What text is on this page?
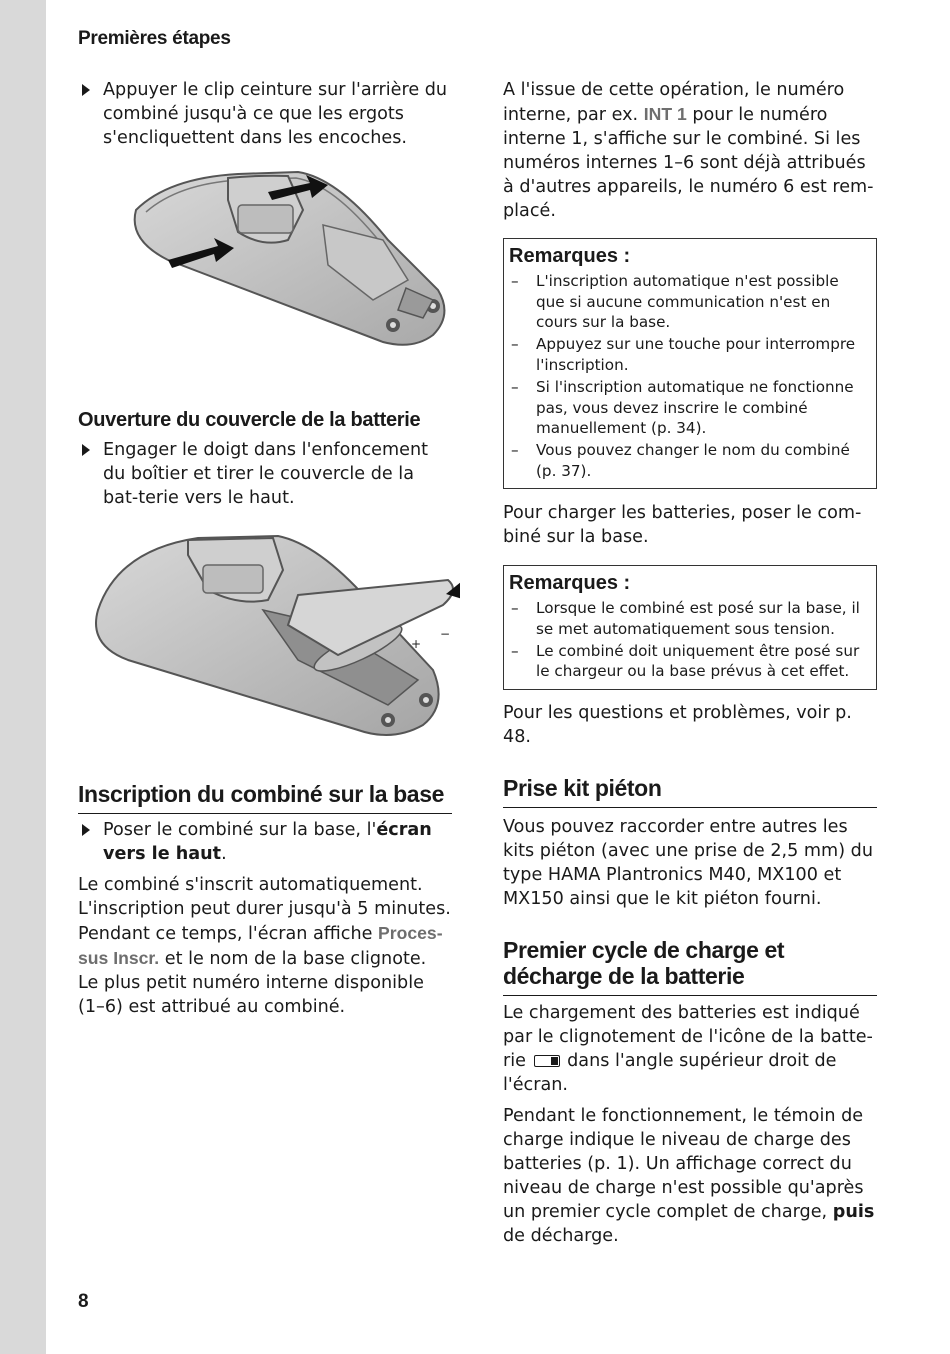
Premières étapes

Appuyer le clip ceinture sur l'arrière du combiné jusqu'à ce que les ergots s'encliquettent dans les encoches.

Ouverture du couvercle de la batterie

Engager le doigt dans l'enfoncement du boîtier et tirer le couvercle de la bat-terie vers le haut.

+
−
Inscription du combiné sur la base

Poser le combiné sur la base, l'écran vers le haut.

Le combiné s'inscrit automatiquement. L'inscription peut durer jusqu'à 5 minutes. Pendant ce temps, l'écran affiche Proces-sus Inscr. et le nom de la base clignote. Le plus petit numéro interne disponible (1–6) est attribué au combiné.

A l'issue de cette opération, le numéro interne, par ex. INT 1 pour le numéro interne 1, s'affiche sur le combiné. Si les numéros internes 1–6 sont déjà attribués à d'autres appareils, le numéro 6 est rem-placé.

Remarques :

– L'inscription automatique n'est possible que si aucune communication n'est en cours sur la base.
– Appuyez sur une touche pour interrompre l'inscription.
– Si l'inscription automatique ne fonctionne pas, vous devez inscrire le combiné manuellement (p. 34).
– Vous pouvez changer le nom du combiné (p. 37).

Pour charger les batteries, poser le com-biné sur la base.

Remarques :

– Lorsque le combiné est posé sur la base, il se met automatiquement sous tension.
– Le combiné doit uniquement être posé sur le chargeur ou la base prévus à cet effet.

Pour les questions et problèmes, voir p. 48.

Prise kit piéton

Vous pouvez raccorder entre autres les kits piéton (avec une prise de 2,5 mm) du type HAMA Plantronics M40, MX100 et MX150 ainsi que le kit piéton fourni.

Premier cycle de charge et décharge de la batterie

Le chargement des batteries est indiqué par le clignotement de l'icône de la batte-rie dans l'angle supérieur droit de l'écran.

Pendant le fonctionnement, le témoin de charge indique le niveau de charge des batteries (p. 1). Un affichage correct du niveau de charge n'est possible qu'après un premier cycle complet de charge, puis de décharge.

8
